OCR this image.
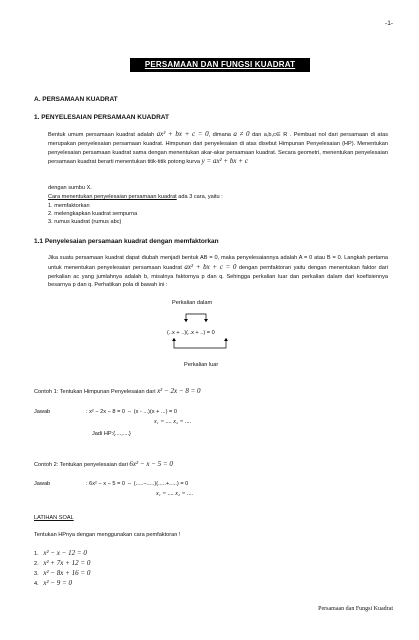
-1-
PERSAMAAN DAN FUNGSI KUADRAT
A. PERSAMAAN KUADRAT
1. PENYELESAIAN PERSAMAAN KUADRAT
Bentuk umum persamaan kuadrat adalah ax² + bx + c = 0, dimana a ≠ 0 dan a,b,c∈ R . Pembuat nol dari persamaan di atas merupakan penyelesaian persamaan kuadrat. Himpunan dari penyelesaian di atas disebut Himpunan Penyelesaian (HP). Menentukan penyelesaian persamaan kuadrat sama dengan menentukan akar-akar persamaan kuadrat. Secara geometri, menentukan penyelesaian persamaan kuadrat berarti menentukan titik-titik potong kurva y = ax² + bx + c
dengan sumbu X.
Cara menentukan penyelesaian persamaan kuadrat ada 3 cara, yaitu :
1. memfaktorkan
2. melengkapkan kuadrat sempurna
3. rumus kuadrat (rumus abc)
1.1 Penyelesaian persamaan kuadrat dengan memfaktorkan
Jika suatu persamaan kuadrat dapat diubah menjadi bentuk AB = 0, maka penyelesaiannya adalah A = 0 atau B = 0. Langkah pertama untuk menentukan penyelesaian persamaan kuadrat ax² + bx + c = 0 dengan pemfaktoran yaitu dengan menentukan faktor dari perkalian ac yang jumlahnya adalah b, misalnya faktornya p dan q. Sehingga perkalian luar dan perkalian dalam dari koefisiennya besarnya p dan q. Perhatikan pola di bawah ini :
Perkalian dalam
(..x + ..)(..x + ..) = 0
Perkalian luar
Contoh 1: Tentukan Himpunan Penyelesaian dari x² − 2x − 8 = 0
Jawab	: x² − 2x − 8 = 0 ⇔ (x - ...)(x + ...) = 0
x₁ = .... x₂ = ....
Jadi HP:{....,....}
Contoh 2: Tentukan penyelesaian dari 6x² − x − 5 = 0
Jawab	: 6x² − x − 5 = 0 ⇔ (.....−.....)(.....+.....) = 0
x₁ = .... x₂ = ....
LATIHAN SOAL
Tentukan HPnya dengan menggunakan cara pemfaktoran !
1. x² − x − 12 = 0
2. x² + 7x + 12 = 0
3. x² − 8x + 16 = 0
4. x² − 9 = 0
Persamaan dan Fungsi Kuadrat
